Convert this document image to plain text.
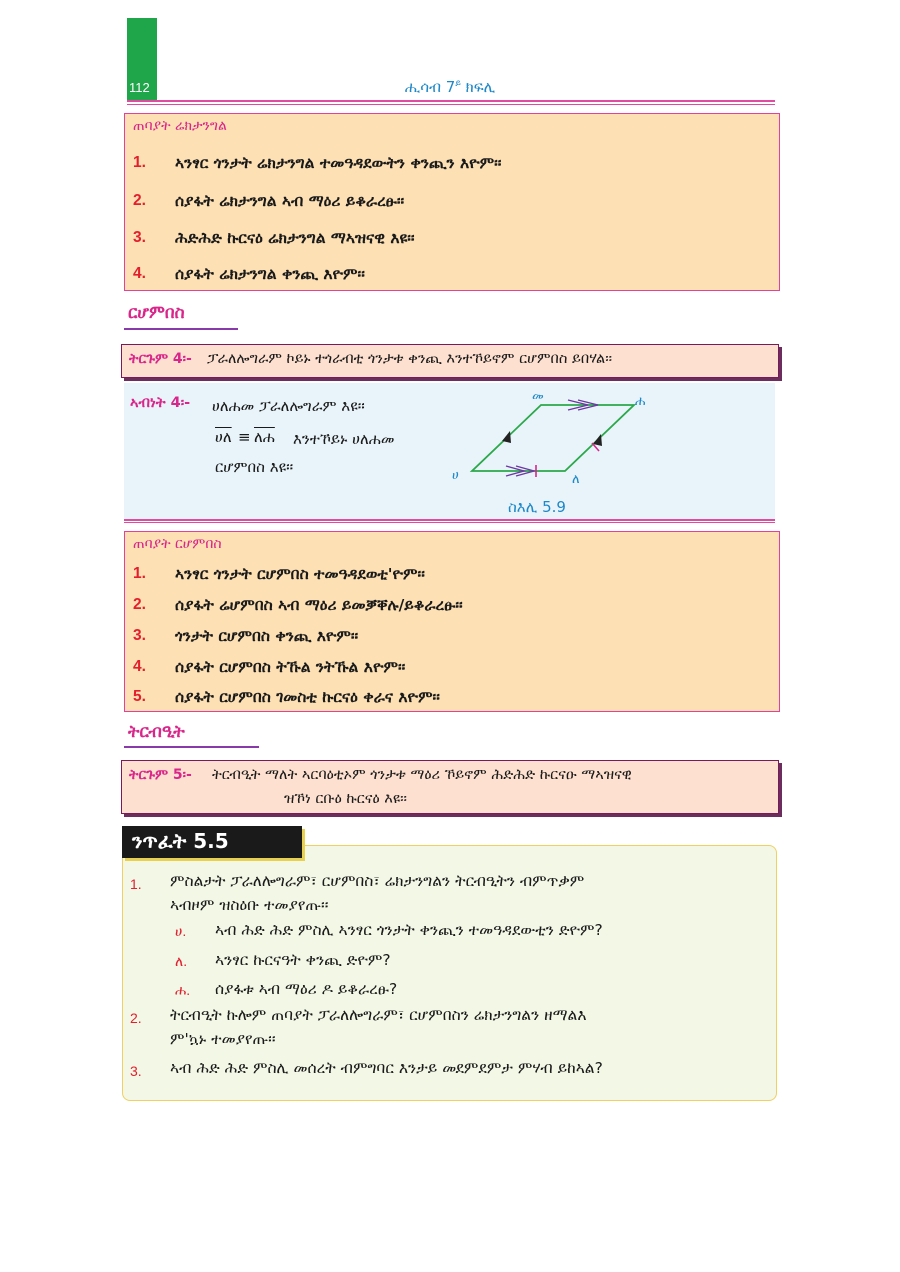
112	ሒሳብ $7^ይ$ ክፍሊ
ጠባያት ሬክታንግል
1. ኣንፃር ጎንታት ሬክታንግል ተመዓዳደውትን ቀንጪን እዮም፡፡
2. ሰያፋት ሬክታንግል ኣብ ማዕሪ ይቆራረፁ፡፡
3. ሕድሕድ ኩርናዕ ሬክታንግል ማኣዝናዊ እዩ፡፡
4. ሰያፋት ሬክታንግል ቀንጪ እዮም፡፡
ርሆምበስ
ትርጉም 4፡- ፓራለሎግራም ኮይኑ ተጎራብቲ ጎንታቱ ቀንጪ እንተኾይኖም ርሆምበስ ይበሃል፡፡
ኣብነት 4፡- ሀለሐመ ፓራለሎግራም እዩ፡፡
ሀለ ≡ ለሐ እንተኾይኑ ሀለሐመ
ርሆምበስ እዩ፡፡
መ	ሐ
ሀ	ለ
ስእሊ 5.9
ጠባያት ርሆምበስ
1. ኣንፃር ጎንታት ርሆምበስ ተመዓዳደወቲ'ዮም፡፡
2. ሰያፋት ሬሆምበስ ኣብ ማዕሪ ይመቓቐሉ/ይቆራረፁ፡፡
3. ጎንታት ርሆምበስ ቀንጪ እዮም፡፡
4. ሰያፋት ርሆምበስ ትኹል ንትኹል እዮም፡፡
5. ሰያፋት ርሆምበስ ገመስቲ ኩርናዕ ቀራና እዮም፡፡
ትርብዒት
ትርጉም 5፡- ትርብዒት ማለት ኣርባዕቲኦም ጎንታቱ ማዕሪ ኾይኖም ሕድሕድ ኩርናዑ ማኣዝናዊ
ዝኾነ ርቡዕ ኩርናዕ እዩ፡፡
ንጥፈት 5.5
1. ምስልታት ፓራለሎግራም፣ ርሆምበስ፣ ሬክታንግልን ትርብዒትን ብምጥቃም
ኣብዞም ዝስዕቡ ተመያየጡ፡፡
ሀ. ኣብ ሕድ ሕድ ምስሊ ኣንፃር ጎንታት ቀንጪን ተመዓዳደውቲን ድዮም?
ለ. ኣንፃር ኩርናዓት ቀንጪ ድዮም?
ሐ. ሰያፋቱ ኣብ ማዕሪ ዶ ይቆራረፁ?
2. ትርብዒት ኩሎም ጠባያት ፓራለሎግራም፣ ርሆምበስን ሬክታንግልን ዘማልእ
ም'ኳኑ ተመያየጡ፡፡
3. ኣብ ሕድ ሕድ ምስሊ መሰረት ብምግባር እንታይ መደምደምታ ምሃብ ይከኣል?
